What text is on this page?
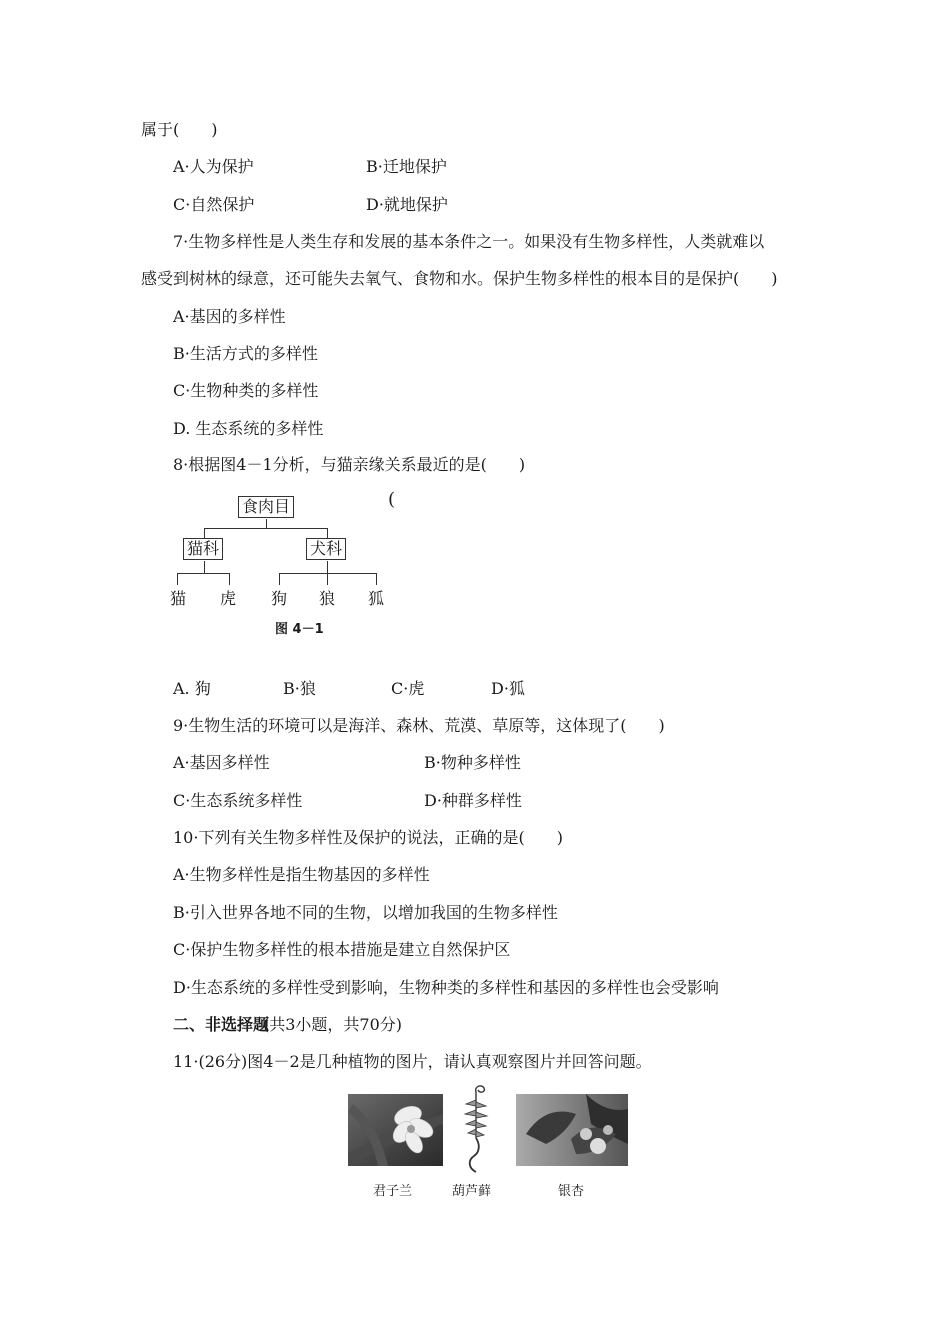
属于(　　)
A·人为保护	B·迁地保护
C·自然保护	D·就地保护
7·生物多样性是人类生存和发展的基本条件之一。如果没有生物多样性，人类就难以
感受到树林的绿意，还可能失去氧气、食物和水。保护生物多样性的根本目的是保护(　　)
A·基因的多样性
B·生活方式的多样性
C·生物种类的多样性
D. 生态系统的多样性
8·根据图4－1分析，与猫亲缘关系最近的是(　　)
A. 狗	B·狼	C·虎	D·狐
9·生物生活的环境可以是海洋、森林、荒漠、草原等，这体现了(　　)
A·基因多样性	B·物种多样性
C·生态系统多样性	D·种群多样性
10·下列有关生物多样性及保护的说法，正确的是(　　)
A·生物多样性是指生物基因的多样性
B·引入世界各地不同的生物，以增加我国的生物多样性
C·保护生物多样性的根本措施是建立自然保护区
D·生态系统的多样性受到影响，生物种类的多样性和基因的多样性也会受影响
(共3小题，共70分)
11·(26分)图4－2是几种植物的图片，请认真观察图片并回答问题。
二、非选择题
食肉目
猫科	犬科
猫 虎 狗 狼 狐
图 4－1
(
君子兰	葫芦藓	银杏
